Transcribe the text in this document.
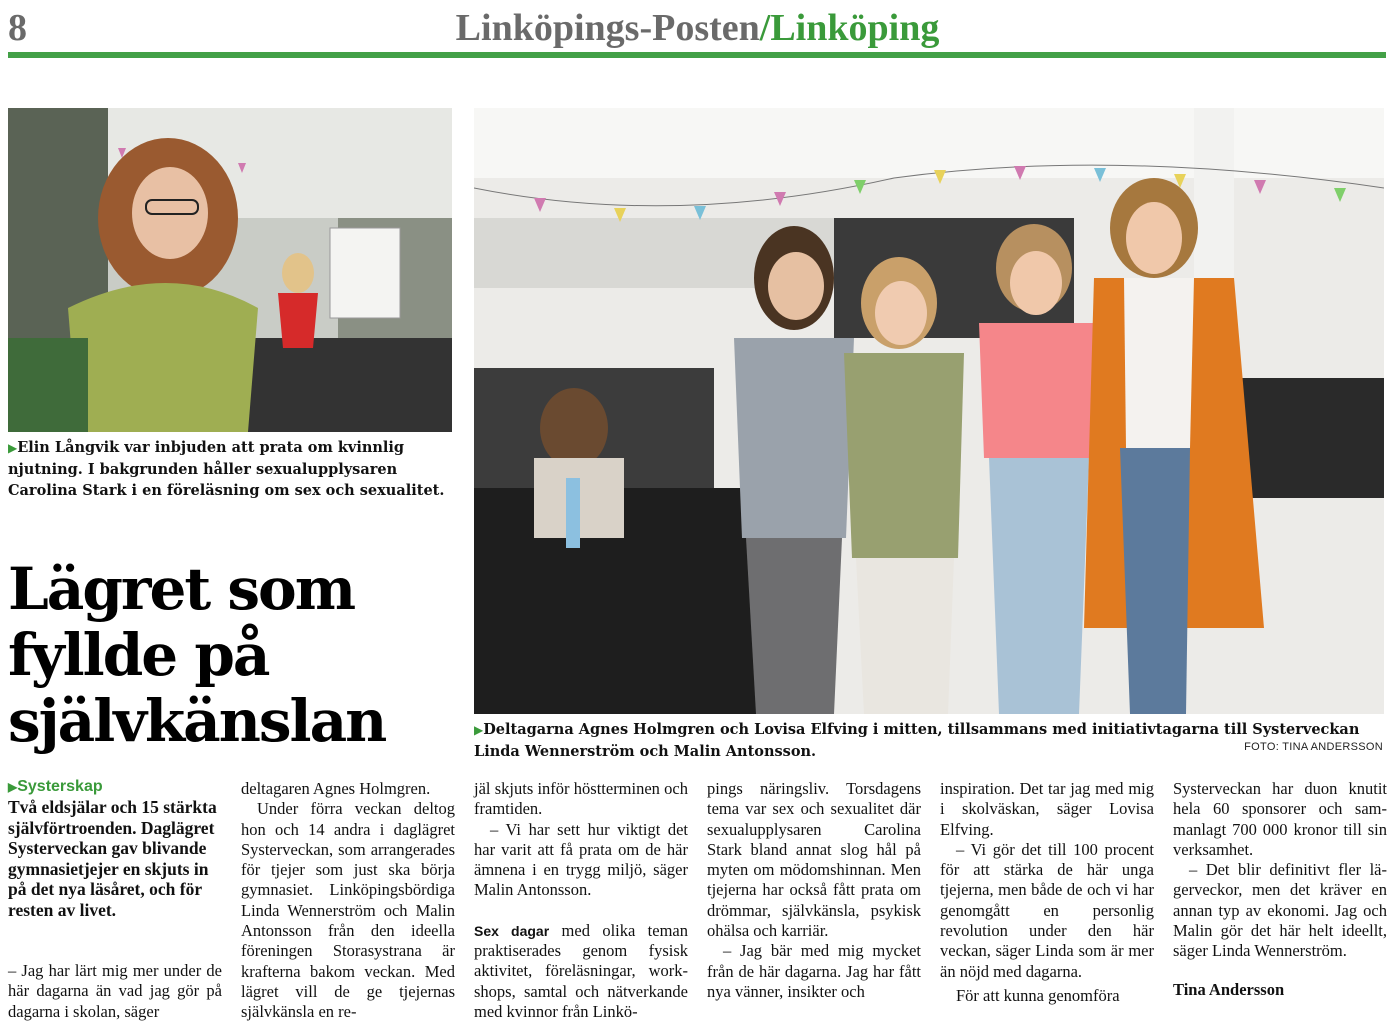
8	Linköpings-Posten/Linköping
▶Elin Långvik var inbjuden att prata om kvinnlig njutning. I bakgrunden håller sexualupplysaren Carolina Stark i en föreläsning om sex och sexualitet.
▶Deltagarna Agnes Holmgren och Lovisa Elfving i mitten, tillsammans med initiativtagarna till Systerveckan Linda Wennerström och Malin Antonsson.	FOTO: TINA ANDERSSON
Lägret som
fyllde på
självkänslan
▶Systerskap
Två eldsjälar och 15 stärkta självförtroenden. Daglägret Systerveckan gav blivande gymnasietjejer en skjuts in på det nya läsåret, och för resten av livet.

– Jag har lärt mig mer under de här dagarna än vad jag gör på dagarna i skolan, säger

deltagaren Agnes Holmgren.

Under förra veckan deltog hon och 14 andra i daglägret Systerveckan, som arrangerades för tjejer som just ska börja gymnasiet. Linköpingsbördiga Linda Wennerström och Malin Antonsson från den ideella föreningen Storasystrana är krafterna bakom veckan. Med lägret vill de ge tjejernas självkänsla en re-

jäl skjuts inför höstterminen och framtiden.

– Vi har sett hur viktigt det har varit att få prata om de här ämnena i en trygg miljö, säger Malin Antonsson.

Sex dagar med olika teman praktiserades genom fysisk aktivitet, föreläsningar, workshops, samtal och nätverkande med kvinnor från Linkö-

pings näringsliv. Torsdagens tema var sex och sexualitet där sexualupplysaren Carolina Stark bland annat slog hål på myten om mödomshinnan. Men tjejerna har också fått prata om drömmar, självkänsla, psykisk ohälsa och karriär.

– Jag bär med mig mycket från de här dagarna. Jag har fått nya vänner, insikter och

inspiration. Det tar jag med mig i skolväskan, säger Lovisa Elfving.

– Vi gör det till 100 procent för att stärka de här unga tjejerna, men både de och vi har genomgått en personlig revolution under den här veckan, säger Linda som är mer än nöjd med dagarna.

För att kunna genomföra

Systerveckan har duon knutit hela 60 sponsorer och sammanlagt 700 000 kronor till sin verksamhet.

– Det blir definitivt fler lägerveckor, men det kräver en annan typ av ekonomi. Jag och Malin gör det här helt ideellt, säger Linda Wennerström.

Tina Andersson
